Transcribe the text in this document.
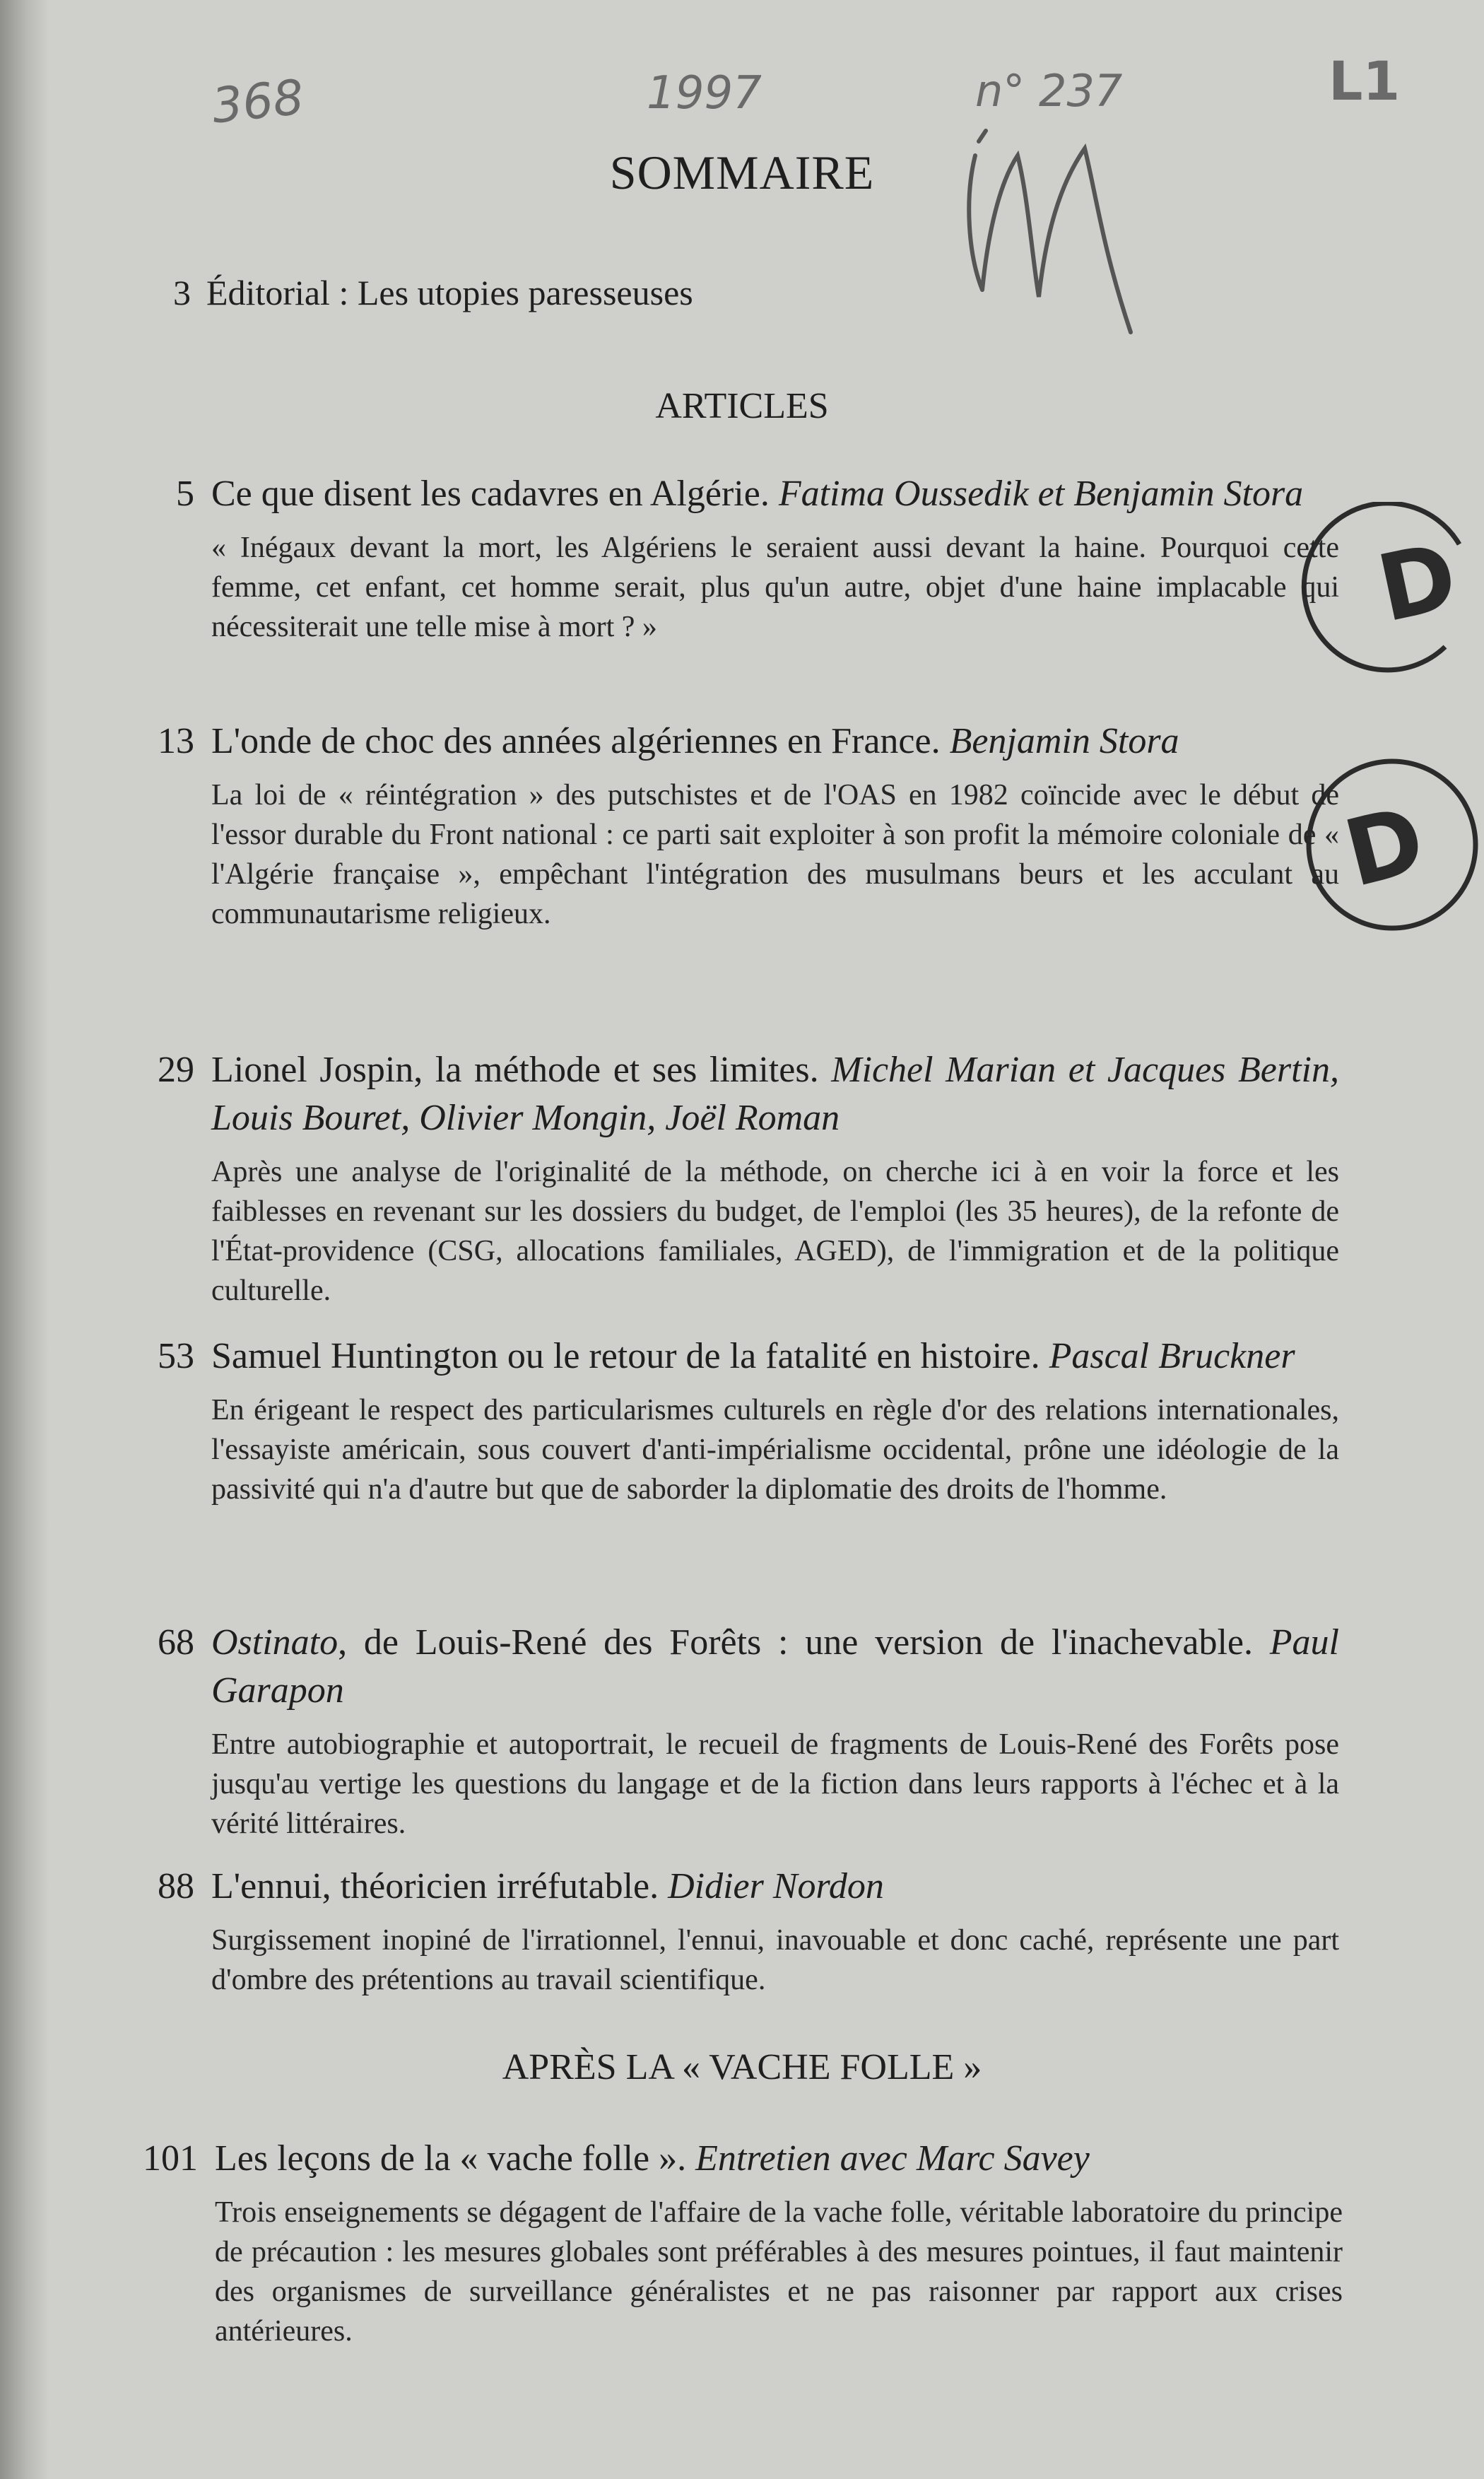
368	1997	n° 237	L1
D
D
SOMMAIRE
3 Éditorial : Les utopies paresseuses
ARTICLES
5 Ce que disent les cadavres en Algérie. Fatima Oussedik et Benjamin Stora
« Inégaux devant la mort, les Algériens le seraient aussi devant la haine. Pourquoi cette femme, cet enfant, cet homme serait, plus qu'un autre, objet d'une haine implacable qui nécessiterait une telle mise à mort ? »
13 L'onde de choc des années algériennes en France. Benjamin Stora
La loi de « réintégration » des putschistes et de l'OAS en 1982 coïncide avec le début de l'essor durable du Front national : ce parti sait exploiter à son profit la mémoire coloniale de « l'Algérie française », empêchant l'intégration des musulmans beurs et les acculant au communautarisme religieux.
29 Lionel Jospin, la méthode et ses limites. Michel Marian et Jacques Bertin, Louis Bouret, Olivier Mongin, Joël Roman
Après une analyse de l'originalité de la méthode, on cherche ici à en voir la force et les faiblesses en revenant sur les dossiers du budget, de l'emploi (les 35 heures), de la refonte de l'État-providence (CSG, allocations familiales, AGED), de l'immigration et de la politique culturelle.
53 Samuel Huntington ou le retour de la fatalité en histoire. Pascal Bruckner
En érigeant le respect des particularismes culturels en règle d'or des relations internationales, l'essayiste américain, sous couvert d'anti-impérialisme occidental, prône une idéologie de la passivité qui n'a d'autre but que de saborder la diplomatie des droits de l'homme.
68 Ostinato, de Louis-René des Forêts : une version de l'inachevable. Paul Garapon
Entre autobiographie et autoportrait, le recueil de fragments de Louis-René des Forêts pose jusqu'au vertige les questions du langage et de la fiction dans leurs rapports à l'échec et à la vérité littéraires.
88 L'ennui, théoricien irréfutable. Didier Nordon
Surgissement inopiné de l'irrationnel, l'ennui, inavouable et donc caché, représente une part d'ombre des prétentions au travail scientifique.
APRÈS LA « VACHE FOLLE »
101 Les leçons de la « vache folle ». Entretien avec Marc Savey
Trois enseignements se dégagent de l'affaire de la vache folle, véritable laboratoire du principe de précaution : les mesures globales sont préférables à des mesures pointues, il faut maintenir des organismes de surveillance généralistes et ne pas raisonner par rapport aux crises antérieures.
